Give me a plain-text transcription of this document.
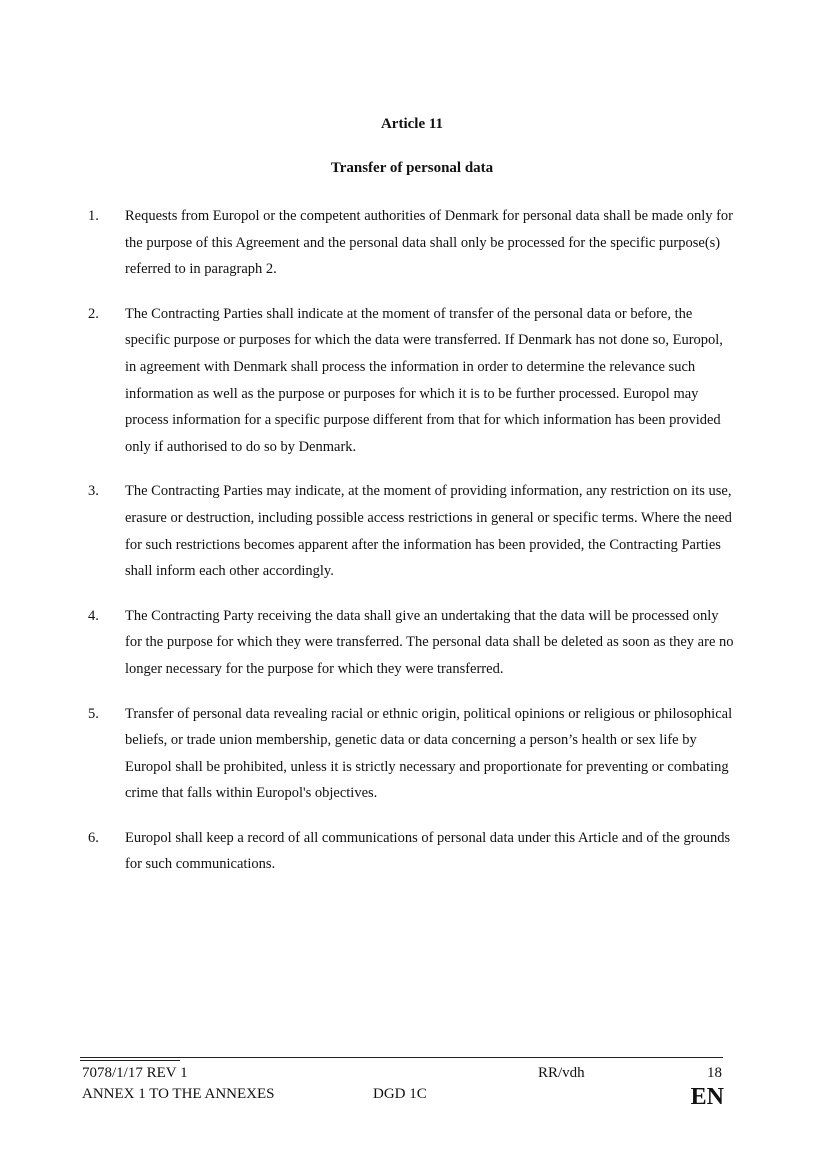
Article 11
Transfer of personal data
1. Requests from Europol or the competent authorities of Denmark for personal data shall be made only for the purpose of this Agreement and the personal data shall only be processed for the specific purpose(s) referred to in paragraph 2.
2. The Contracting Parties shall indicate at the moment of transfer of the personal data or before, the specific purpose or purposes for which the data were transferred. If Denmark has not done so, Europol, in agreement with Denmark shall process the information in order to determine the relevance such information as well as the purpose or purposes for which it is to be further processed. Europol may process information for a specific purpose different from that for which information has been provided only if authorised to do so by Denmark.
3. The Contracting Parties may indicate, at the moment of providing information, any restriction on its use, erasure or destruction, including possible access restrictions in general or specific terms. Where the need for such restrictions becomes apparent after the information has been provided, the Contracting Parties shall inform each other accordingly.
4. The Contracting Party receiving the data shall give an undertaking that the data will be processed only for the purpose for which they were transferred. The personal data shall be deleted as soon as they are no longer necessary for the purpose for which they were transferred.
5. Transfer of personal data revealing racial or ethnic origin, political opinions or religious or philosophical beliefs, or trade union membership, genetic data or data concerning a person’s health or sex life by Europol shall be prohibited, unless it is strictly necessary and proportionate for preventing or combating crime that falls within Europol's objectives.
6. Europol shall keep a record of all communications of personal data under this Article and of the grounds for such communications.
7078/1/17 REV 1
ANNEX 1 TO THE ANNEXES	DGD 1C
RR/vdh	18
EN
